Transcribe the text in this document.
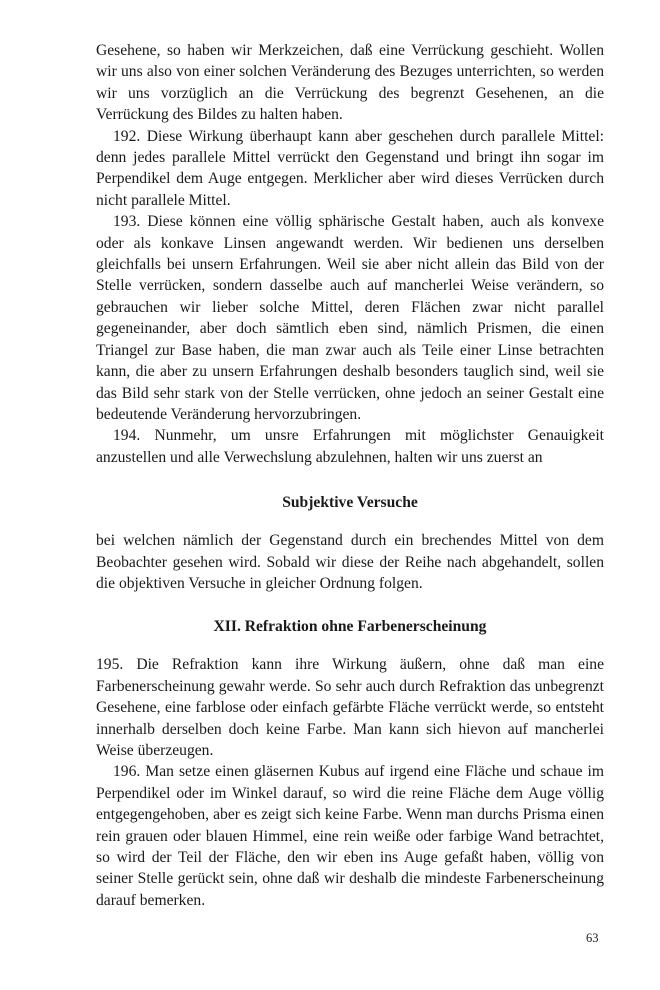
Gesehene, so haben wir Merkzeichen, daß eine Verrückung geschieht. Wollen wir uns also von einer solchen Veränderung des Bezuges unterrichten, so werden wir uns vorzüglich an die Verrückung des begrenzt Gesehenen, an die Verrückung des Bildes zu halten haben.

192. Diese Wirkung überhaupt kann aber geschehen durch parallele Mittel: denn jedes parallele Mittel verrückt den Gegenstand und bringt ihn sogar im Perpendikel dem Auge entgegen. Merklicher aber wird dieses Verrücken durch nicht parallele Mittel.

193. Diese können eine völlig sphärische Gestalt haben, auch als konvexe oder als konkave Linsen angewandt werden. Wir bedienen uns derselben gleichfalls bei unsern Erfahrungen. Weil sie aber nicht allein das Bild von der Stelle verrücken, sondern dasselbe auch auf mancherlei Weise verändern, so gebrauchen wir lieber solche Mittel, deren Flächen zwar nicht parallel gegeneinander, aber doch sämtlich eben sind, nämlich Prismen, die einen Triangel zur Base haben, die man zwar auch als Teile einer Linse betrachten kann, die aber zu unsern Erfahrungen deshalb besonders tauglich sind, weil sie das Bild sehr stark von der Stelle verrücken, ohne jedoch an seiner Gestalt eine bedeutende Veränderung hervorzubringen.

194. Nunmehr, um unsre Erfahrungen mit möglichster Genauigkeit anzustellen und alle Verwechslung abzulehnen, halten wir uns zuerst an

Subjektive Versuche

bei welchen nämlich der Gegenstand durch ein brechendes Mittel von dem Beobachter gesehen wird. Sobald wir diese der Reihe nach abgehandelt, sollen die objektiven Versuche in gleicher Ordnung folgen.

XII. Refraktion ohne Farbenerscheinung

195. Die Refraktion kann ihre Wirkung äußern, ohne daß man eine Farbenerscheinung gewahr werde. So sehr auch durch Refraktion das unbegrenzt Gesehene, eine farblose oder einfach gefärbte Fläche verrückt werde, so entsteht innerhalb derselben doch keine Farbe. Man kann sich hievon auf mancherlei Weise überzeugen.

196. Man setze einen gläsernen Kubus auf irgend eine Fläche und schaue im Perpendikel oder im Winkel darauf, so wird die reine Fläche dem Auge völlig entgegengehoben, aber es zeigt sich keine Farbe. Wenn man durchs Prisma einen rein grauen oder blauen Himmel, eine rein weiße oder farbige Wand betrachtet, so wird der Teil der Fläche, den wir eben ins Auge gefaßt haben, völlig von seiner Stelle gerückt sein, ohne daß wir deshalb die mindeste Farbenerscheinung darauf bemerken.

63
